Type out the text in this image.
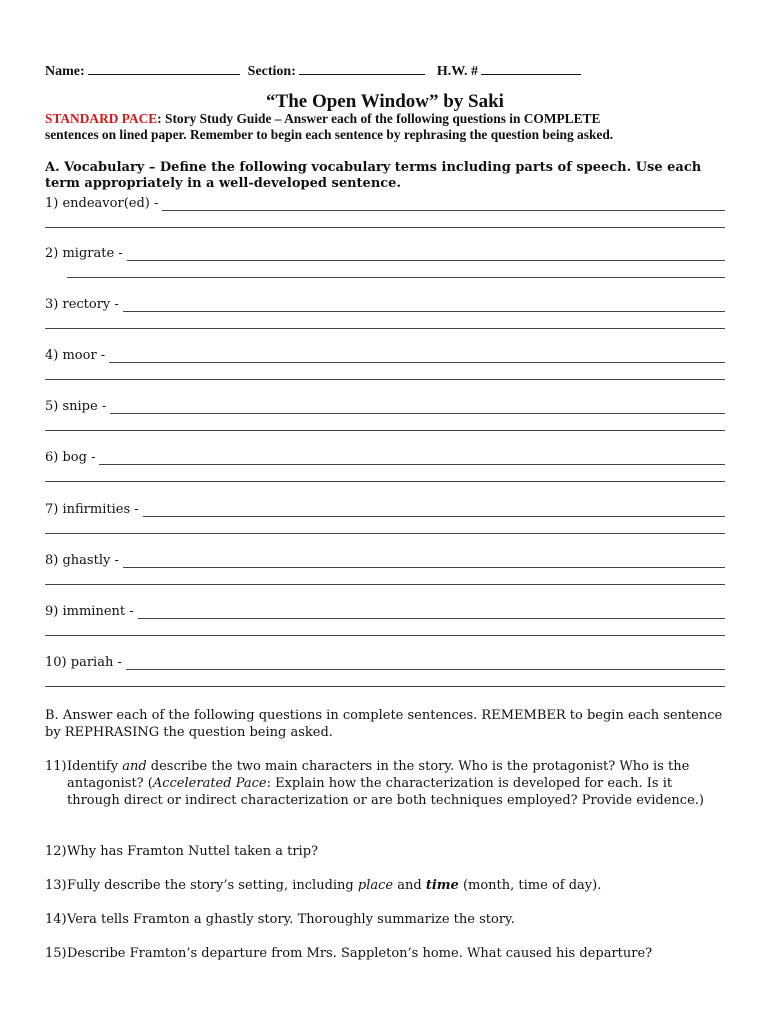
Name:	Section:	H.W. #
“The Open Window” by Saki
STANDARD PACE: Story Study Guide – Answer each of the following questions in COMPLETE
sentences on lined paper. Remember to begin each sentence by rephrasing the question being asked.
A. Vocabulary – Define the following vocabulary terms including parts of speech. Use each term appropriately in a well-developed sentence.
1) endeavor(ed) -
2) migrate -
3) rectory -
4) moor -
5) snipe -
6) bog -
7) infirmities -
8) ghastly -
9) imminent -
10) pariah -
B. Answer each of the following questions in complete sentences. REMEMBER to begin each sentence by REPHRASING the question being asked.
11) Identify and describe the two main characters in the story. Who is the protagonist? Who is the antagonist? (Accelerated Pace: Explain how the characterization is developed for each. Is it through direct or indirect characterization or are both techniques employed? Provide evidence.)
12) Why has Framton Nuttel taken a trip?
13) Fully describe the story’s setting, including place and time (month, time of day).
14) Vera tells Framton a ghastly story. Thoroughly summarize the story.
15) Describe Framton’s departure from Mrs. Sappleton’s home. What caused his departure?
